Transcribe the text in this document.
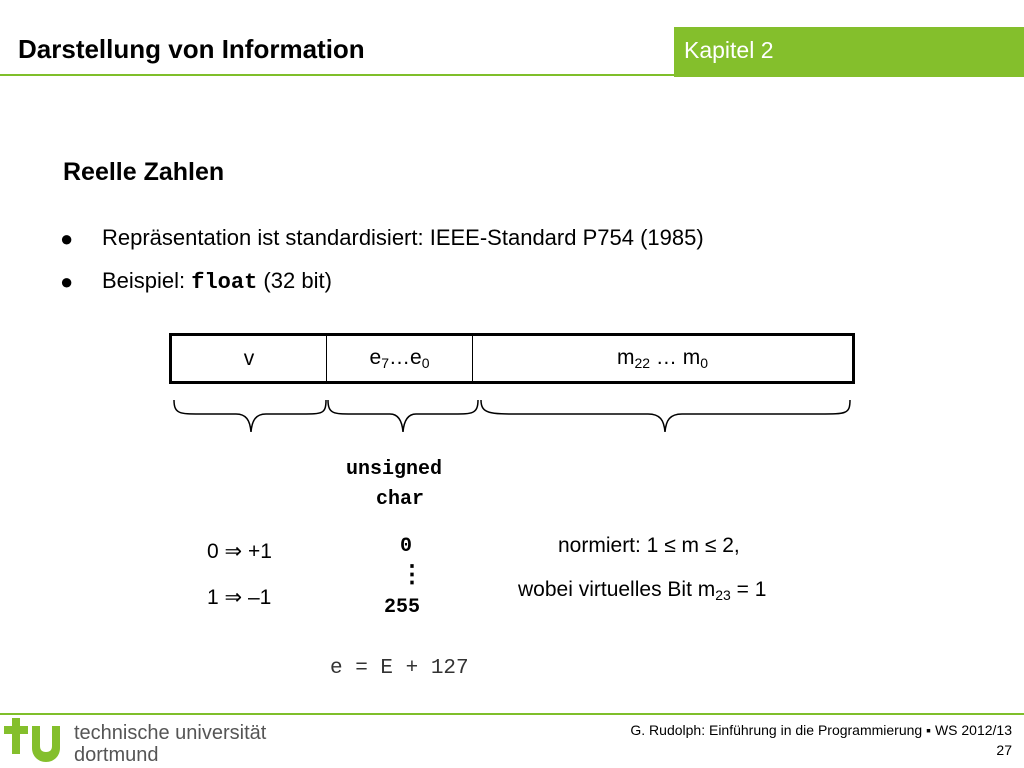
Darstellung von Information	Kapitel 2
Reelle Zahlen
● Repräsentation ist standardisiert: IEEE-Standard P754 (1985)
● Beispiel: float (32 bit)
v	$e_7\dots e_0$	$m_{22}$ … $m_0$
unsigned
char
0 ⇒ +1
1 ⇒ –1
0
⋮
255
normiert: 1 ≤ m ≤ 2,
wobei virtuelles Bit $m_{23} = 1$
e = E + 127
technische universität
dortmund
G. Rudolph: Einführung in die Programmierung ▪ WS 2012/13
27
